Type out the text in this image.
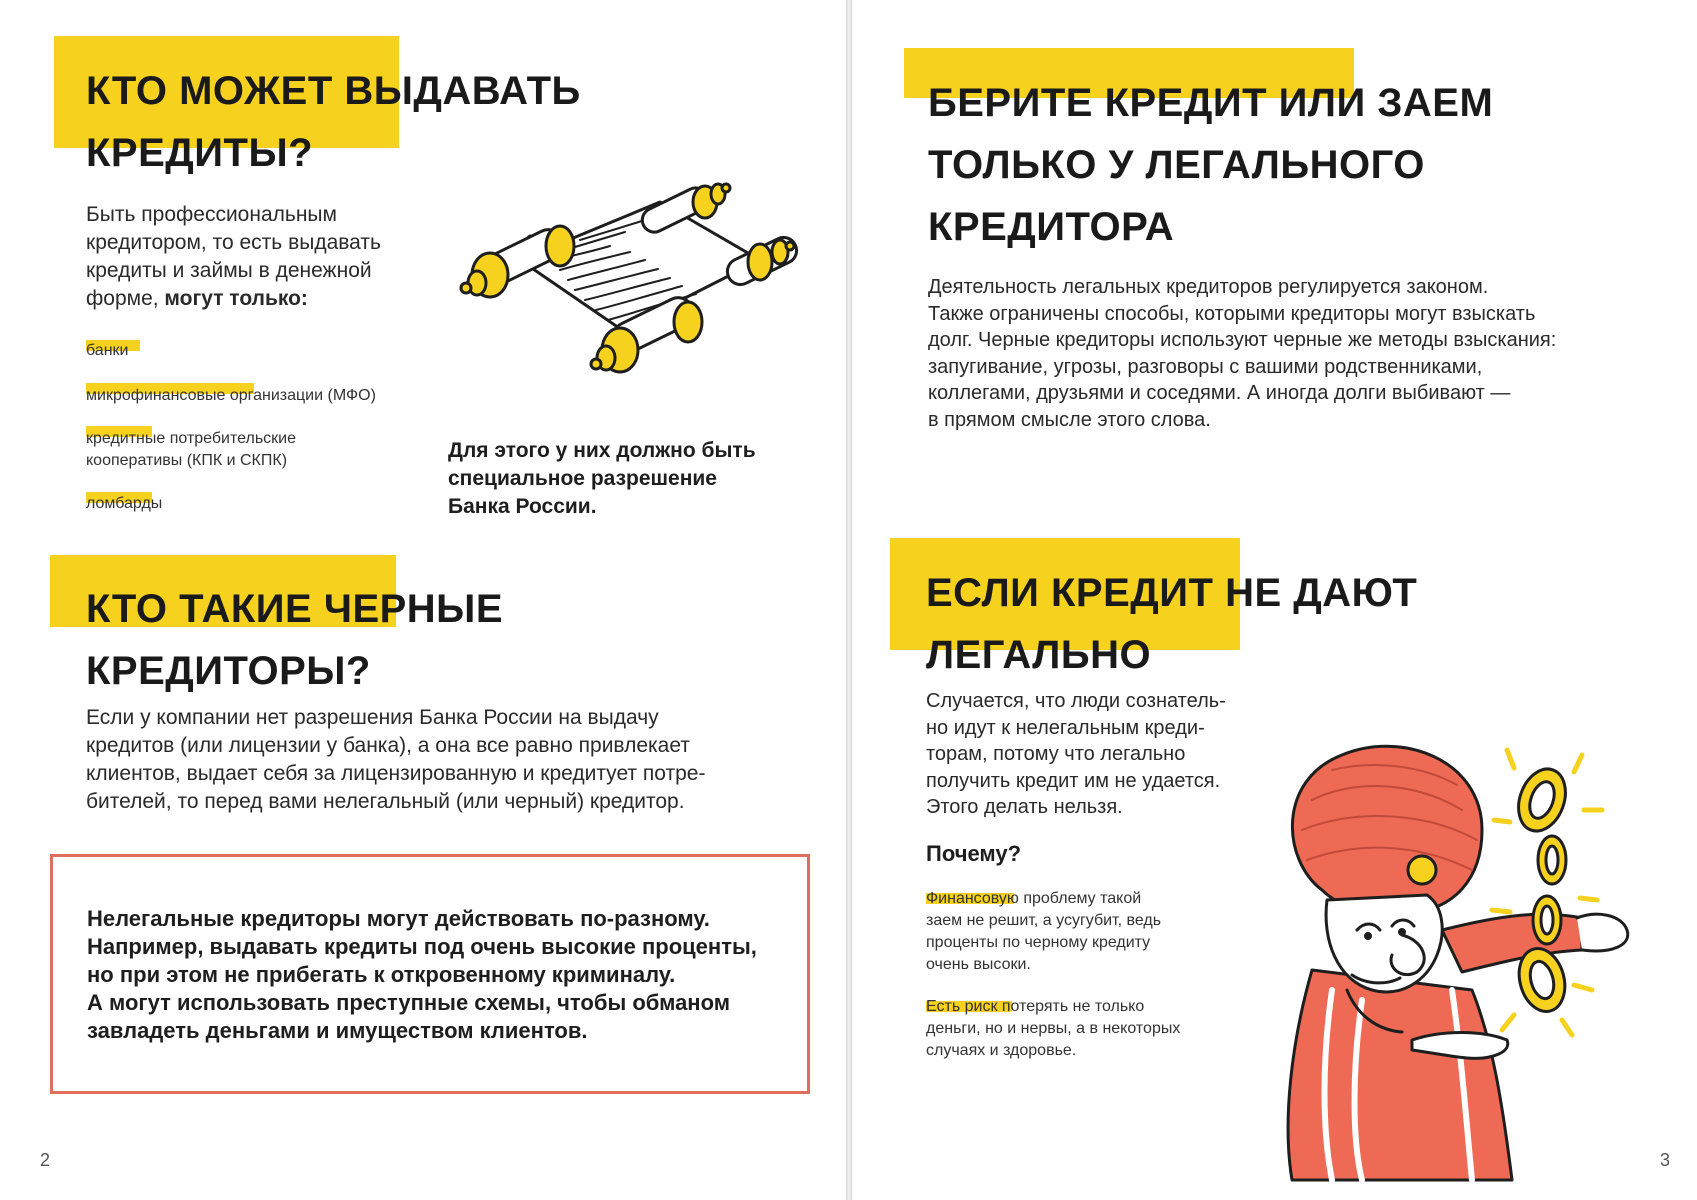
КТО МОЖЕТ ВЫДАВАТЬ
КРЕДИТЫ?
Быть профессиональным
кредитором, то есть выдавать
кредиты и займы в денежной
форме, могут только:
банки
микрофинансовые организации (МФО)
кредитные потребительские
кооперативы (КПК и СКПК)
ломбарды
Для этого у них должно быть
специальное разрешение
Банка России.
КТО ТАКИЕ ЧЕРНЫЕ
КРЕДИТОРЫ?
Если у компании нет разрешения Банка России на выдачу
кредитов (или лицензии у банка), а она все равно привлекает
клиентов, выдает себя за лицензированную и кредитует потре-
бителей, то перед вами нелегальный (или черный) кредитор.
Нелегальные кредиторы могут действовать по-разному.
Например, выдавать кредиты под очень высокие проценты,
но при этом не прибегать к откровенному криминалу.
А могут использовать преступные схемы, чтобы обманом
завладеть деньгами и имуществом клиентов.
2
БЕРИТЕ КРЕДИТ ИЛИ ЗАЕМ
ТОЛЬКО У ЛЕГАЛЬНОГО
КРЕДИТОРА
Деятельность легальных кредиторов регулируется законом.
Также ограничены способы, которыми кредиторы могут взыскать
долг. Черные кредиторы используют черные же методы взыскания:
запугивание, угрозы, разговоры с вашими родственниками,
коллегами, друзьями и соседями. А иногда долги выбивают —
в прямом смысле этого слова.
ЕСЛИ КРЕДИТ НЕ ДАЮТ
ЛЕГАЛЬНО
Случается, что люди сознатель-
но идут к нелегальным креди-
торам, потому что легально
получить кредит им не удается.
Этого делать нельзя.
Почему?
Финансовую проблему такой
заем не решит, а усугубит, ведь
проценты по черному кредиту
очень высоки.
Есть риск потерять не только
деньги, но и нервы, а в некоторых
случаях и здоровье.
3
